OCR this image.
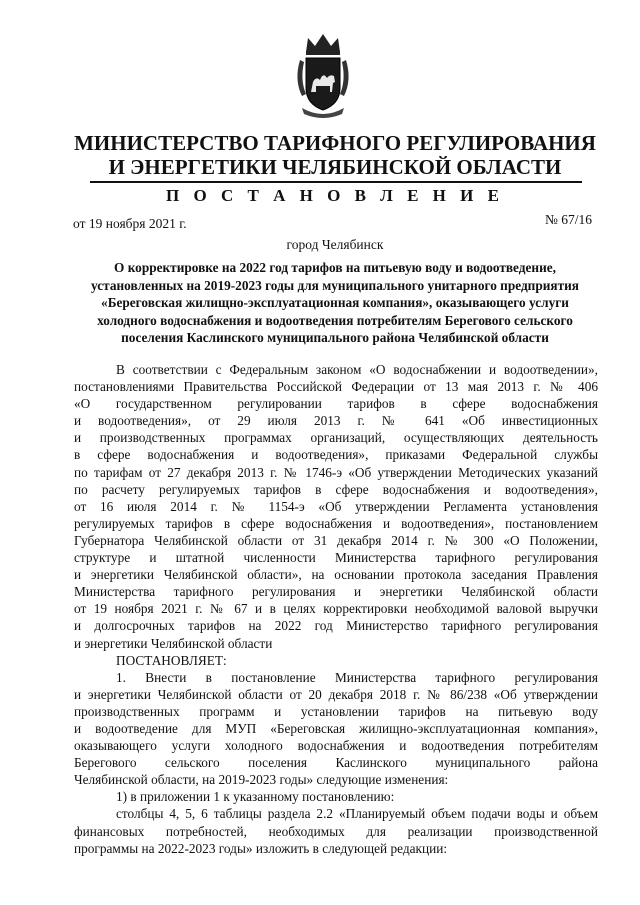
МИНИСТЕРСТВО ТАРИФНОГО РЕГУЛИРОВАНИЯ
И ЭНЕРГЕТИКИ ЧЕЛЯБИНСКОЙ ОБЛАСТИ
П О С Т А Н О В Л Е Н И Е
от 19 ноября 2021 г.	№ 67/16
город Челябинск
О корректировке на 2022 год тарифов на питьевую воду и водоотведение,
установленных на 2019-2023 годы для муниципального унитарного предприятия
«Береговская жилищно-эксплуатационная компания», оказывающего услуги
холодного водоснабжения и водоотведения потребителям Берегового сельского
поселения Каслинского муниципального района Челябинской области
В соответствии с Федеральным законом «О водоснабжении и водоотведении»,
постановлениями Правительства Российской Федерации от 13 мая 2013 г. № 406
«О государственном регулировании тарифов в сфере водоснабжения
и водоотведения», от 29 июля 2013 г. № 641 «Об инвестиционных
и производственных программах организаций, осуществляющих деятельность
в сфере водоснабжения и водоотведения», приказами Федеральной службы
по тарифам от 27 декабря 2013 г. № 1746-э «Об утверждении Методических указаний
по расчету регулируемых тарифов в сфере водоснабжения и водоотведения»,
от 16 июля 2014 г. № 1154-э «Об утверждении Регламента установления
регулируемых тарифов в сфере водоснабжения и водоотведения», постановлением
Губернатора Челябинской области от 31 декабря 2014 г. № 300 «О Положении,
структуре и штатной численности Министерства тарифного регулирования
и энергетики Челябинской области», на основании протокола заседания Правления
Министерства тарифного регулирования и энергетики Челябинской области
от 19 ноября 2021 г. № 67 и в целях корректировки необходимой валовой выручки
и долгосрочных тарифов на 2022 год Министерство тарифного регулирования
и энергетики Челябинской области
ПОСТАНОВЛЯЕТ:
1. Внести в постановление Министерства тарифного регулирования
и энергетики Челябинской области от 20 декабря 2018 г. № 86/238 «Об утверждении
производственных программ и установлении тарифов на питьевую воду
и водоотведение для МУП «Береговская жилищно-эксплуатационная компания»,
оказывающего услуги холодного водоснабжения и водоотведения потребителям
Берегового сельского поселения Каслинского муниципального района
Челябинской области, на 2019-2023 годы» следующие изменения:
1) в приложении 1 к указанному постановлению:
столбцы 4, 5, 6 таблицы раздела 2.2 «Планируемый объем подачи воды и объем
финансовых потребностей, необходимых для реализации производственной
программы на 2022-2023 годы» изложить в следующей редакции:
